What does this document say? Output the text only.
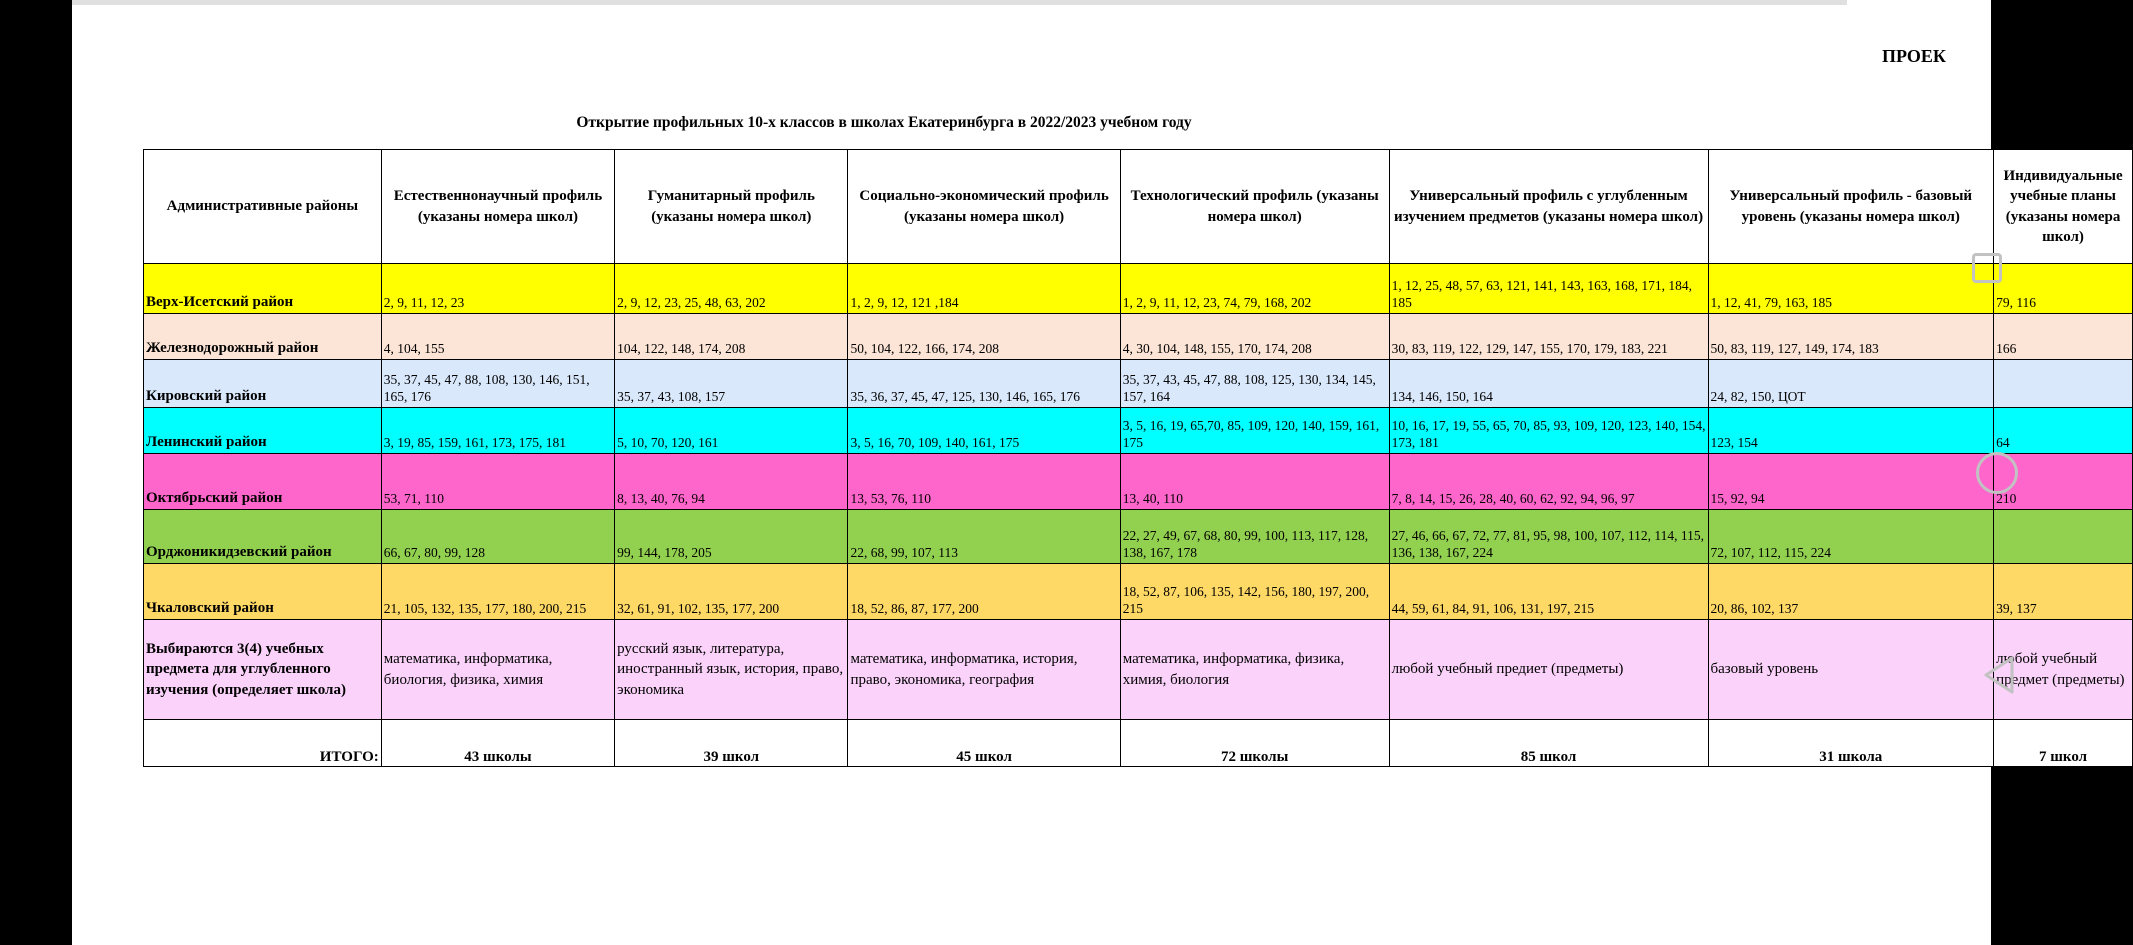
ПРОЕК
Открытие профильных 10-х классов в школах Екатеринбурга в 2022/2023 учебном году
Административные районы	Естественнонаучный профиль (указаны номера школ)	Гуманитарный профиль (указаны номера школ)	Социально-экономический профиль (указаны номера школ)	Технологический профиль (указаны номера школ)	Универсальный профиль с углубленным изучением предметов (указаны номера школ)	Универсальный профиль - базовый уровень (указаны номера школ)	Индивидуальные учебные планы (указаны номера школ)
Верх-Исетский район	2, 9, 11, 12, 23	2, 9, 12, 23, 25, 48, 63, 202	1, 2, 9, 12, 121 ,184	1, 2, 9, 11, 12, 23, 74, 79, 168, 202	1, 12, 25, 48, 57, 63, 121, 141, 143, 163, 168, 171, 184, 185	1, 12, 41, 79, 163, 185	79, 116
Железнодорожный район	4, 104, 155	104, 122, 148, 174, 208	50, 104, 122, 166, 174, 208	4, 30, 104, 148, 155, 170, 174, 208	30, 83, 119, 122, 129, 147, 155, 170, 179, 183, 221	50, 83, 119, 127, 149, 174, 183	166
Кировский район	35, 37, 45, 47, 88, 108, 130, 146, 151, 165, 176	35, 37, 43, 108, 157	35, 36, 37, 45, 47, 125, 130, 146, 165, 176	35, 37, 43, 45, 47, 88, 108, 125, 130, 134, 145, 157, 164	134, 146, 150, 164	24, 82, 150, ЦОТ	
Ленинский район	3, 19, 85, 159, 161, 173, 175, 181	5, 10, 70, 120, 161	3, 5, 16, 70, 109, 140, 161, 175	3, 5, 16, 19, 65,70, 85, 109, 120, 140, 159, 161, 175	10, 16, 17, 19, 55, 65, 70, 85, 93, 109, 120, 123, 140, 154, 173, 181	123, 154	64
Октябрьский район	53, 71, 110	8, 13, 40, 76, 94	13, 53, 76, 110	13, 40, 110	7, 8, 14, 15, 26, 28, 40, 60, 62, 92, 94, 96, 97	15, 92, 94	210
Орджоникидзевский район	66, 67, 80, 99, 128	99, 144, 178, 205	22, 68, 99, 107, 113	22, 27, 49, 67, 68, 80, 99, 100, 113, 117, 128, 138, 167, 178	27, 46, 66, 67, 72, 77, 81, 95, 98, 100, 107, 112, 114, 115, 136, 138, 167, 224	72, 107, 112, 115, 224	
Чкаловский район	21, 105, 132, 135, 177, 180, 200, 215	32, 61, 91, 102, 135, 177, 200	18, 52, 86, 87, 177, 200	18, 52, 87, 106, 135, 142, 156, 180, 197, 200, 215	44, 59, 61, 84, 91, 106, 131, 197, 215	20, 86, 102, 137	39, 137
Выбираются 3(4) учебных предмета для углубленного изучения (определяет школа)	математика, информатика, биология, физика, химия	русский язык, литература, иностранный язык, история, право, экономика	математика, информатика, история, право, экономика, география	математика, информатика, физика, химия, биология	любой учебный предиет (предметы)	базовый уровень	любой учебный предмет (предметы)
ИТОГО:	43 школы	39 школ	45 школ	72 школы	85 школ	31 школа	7 школ
